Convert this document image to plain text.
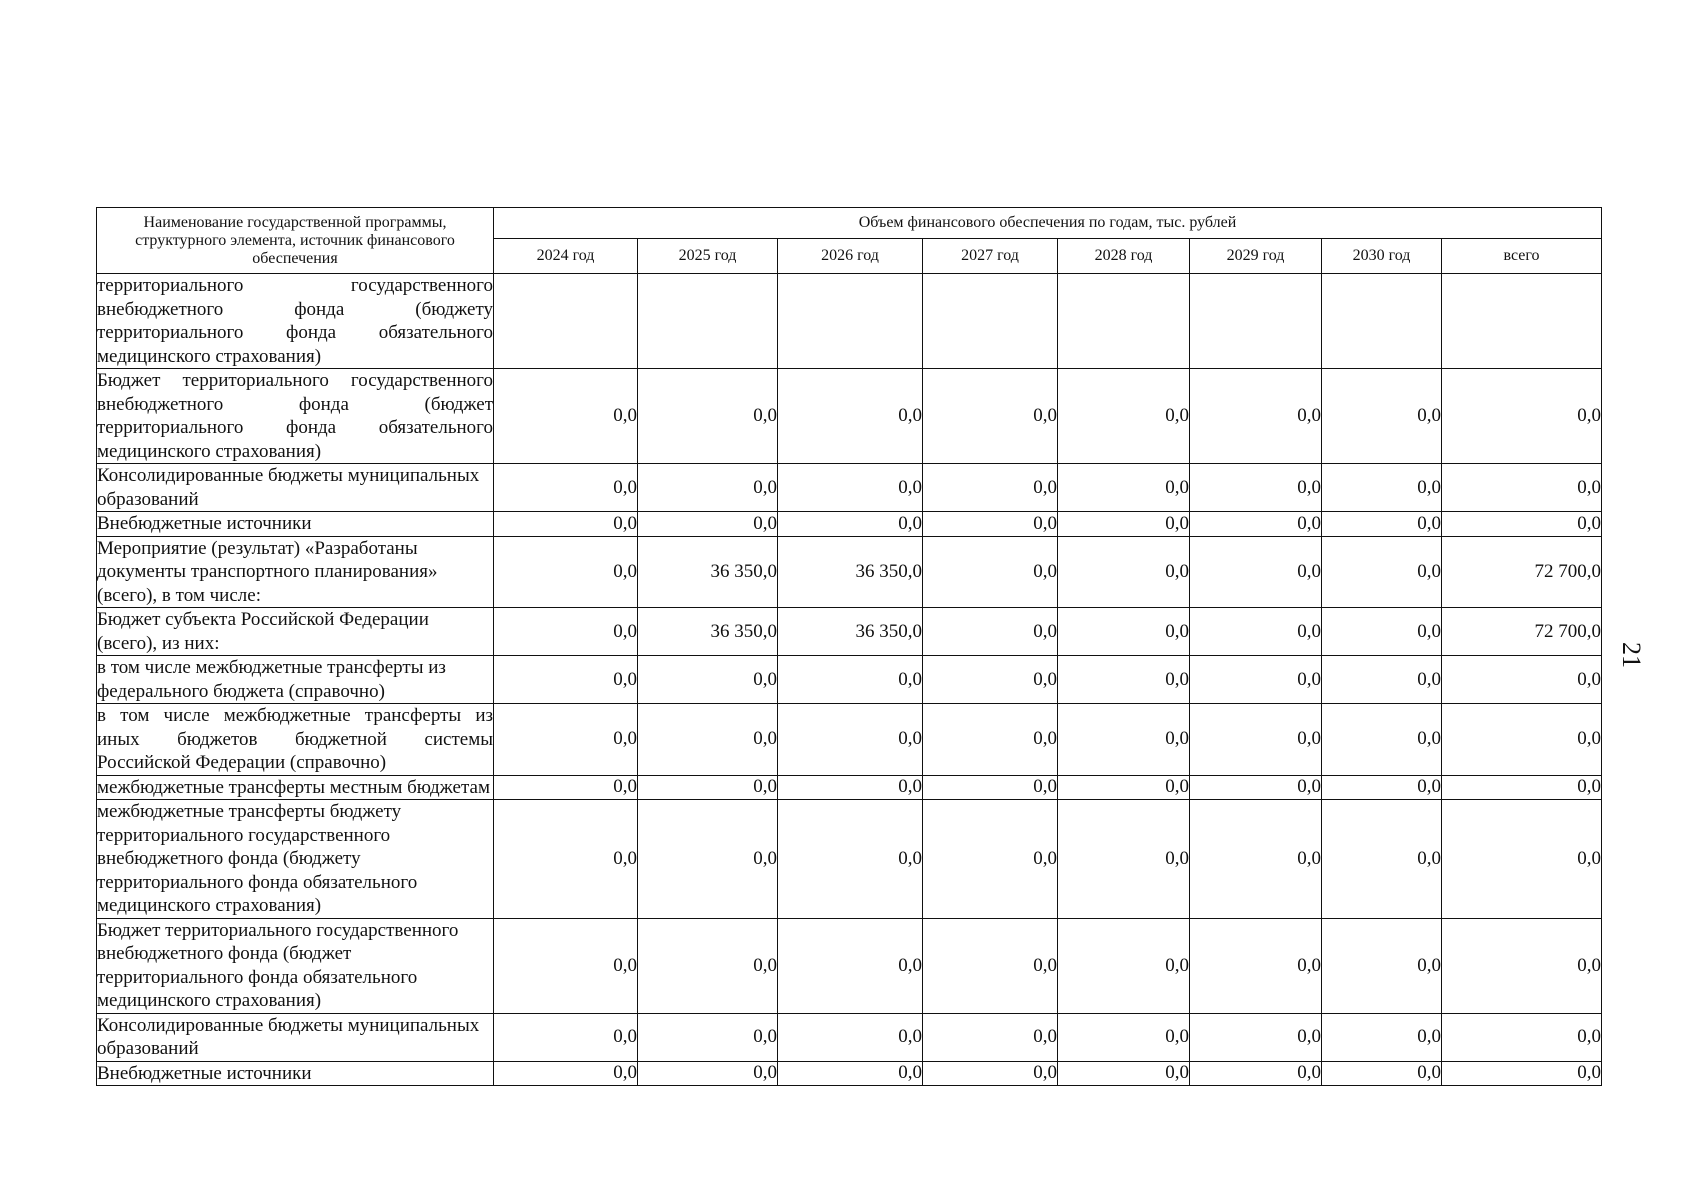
Наименование государственной программы, структурного элемента, источник финансового обеспечения	Объем финансового обеспечения по годам, тыс. рублей							
	2024 год	2025 год	2026 год	2027 год	2028 год	2029 год	2030 год	всего
территориального государственного внебюджетного фонда (бюджету территориального фонда обязательного медицинского страхования)								
Бюджет территориального государственного внебюджетного фонда (бюджет территориального фонда обязательного медицинского страхования)	0,0	0,0	0,0	0,0	0,0	0,0	0,0	0,0
Консолидированные бюджеты муниципальных образований	0,0	0,0	0,0	0,0	0,0	0,0	0,0	0,0
Внебюджетные источники	0,0	0,0	0,0	0,0	0,0	0,0	0,0	0,0
Мероприятие (результат) «Разработаны документы транспортного планирования» (всего), в том числе:	0,0	36 350,0	36 350,0	0,0	0,0	0,0	0,0	72 700,0
Бюджет субъекта Российской Федерации (всего), из них:	0,0	36 350,0	36 350,0	0,0	0,0	0,0	0,0	72 700,0
в том числе межбюджетные трансферты из федерального бюджета (справочно)	0,0	0,0	0,0	0,0	0,0	0,0	0,0	0,0
в том числе межбюджетные трансферты из иных бюджетов бюджетной системы Российской Федерации (справочно)	0,0	0,0	0,0	0,0	0,0	0,0	0,0	0,0
межбюджетные трансферты местным бюджетам	0,0	0,0	0,0	0,0	0,0	0,0	0,0	0,0
межбюджетные трансферты бюджету территориального государственного внебюджетного фонда (бюджету территориального фонда обязательного медицинского страхования)	0,0	0,0	0,0	0,0	0,0	0,0	0,0	0,0
Бюджет территориального государственного внебюджетного фонда (бюджет территориального фонда обязательного медицинского страхования)	0,0	0,0	0,0	0,0	0,0	0,0	0,0	0,0
Консолидированные бюджеты муниципальных образований	0,0	0,0	0,0	0,0	0,0	0,0	0,0	0,0
Внебюджетные источники	0,0	0,0	0,0	0,0	0,0	0,0	0,0	0,0
21
